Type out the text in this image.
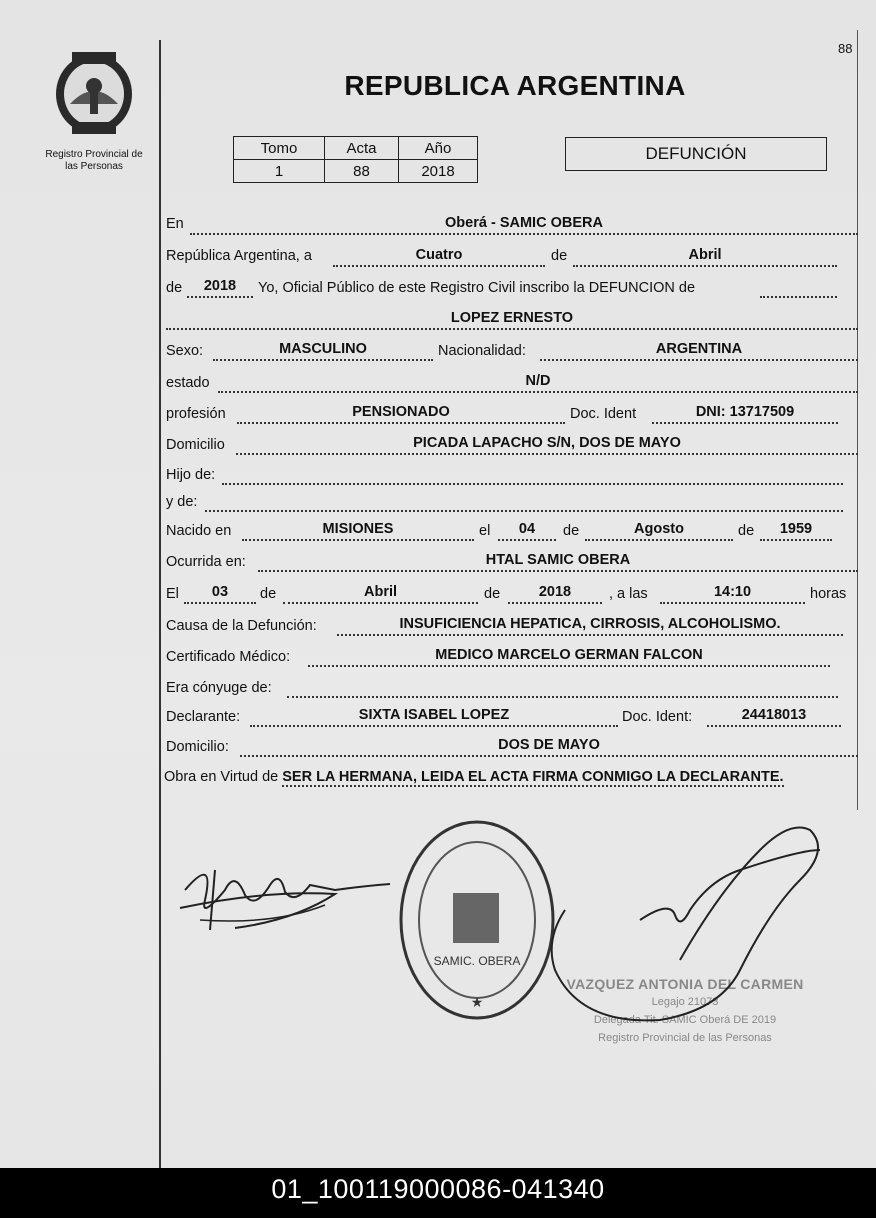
88
Registro Provincial de
las Personas
REPUBLICA ARGENTINA
Tomo	Acta	Año
1	88	2018
DEFUNCIÓN
En	Oberá - SAMIC OBERA
República Argentina, a	Cuatro	de	Abril
de	2018	Yo, Oficial Público de este Registro Civil inscribo la DEFUNCION de
LOPEZ ERNESTO
Sexo:	MASCULINO	Nacionalidad:	ARGENTINA
estado	N/D
profesión	PENSIONADO	Doc. Ident	DNI: 13717509
Domicilio	PICADA LAPACHO S/N, DOS DE MAYO
Hijo de:
y de:
Nacido en	MISIONES	el	04	de	Agosto	de	1959
Ocurrida en:	HTAL SAMIC OBERA
El	03	de	Abril	de	2018	, a las	14:10	horas
Causa de la Defunción:	INSUFICIENCIA HEPATICA, CIRROSIS, ALCOHOLISMO.
Certificado Médico:	MEDICO MARCELO GERMAN FALCON
Era cónyuge de:
Declarante:	SIXTA ISABEL LOPEZ	Doc. Ident:	24418013
Domicilio:	DOS DE MAYO
Obra en Virtud de SER LA HERMANA, LEIDA EL ACTA FIRMA CONMIGO LA DECLARANTE.
SAMIC. OBERA
★
VAZQUEZ ANTONIA DEL CARMEN
Legajo 21073
Delegada Tit. SAMIC Oberá DE 2019
Registro Provincial de las Personas
01_100119000086-041340
